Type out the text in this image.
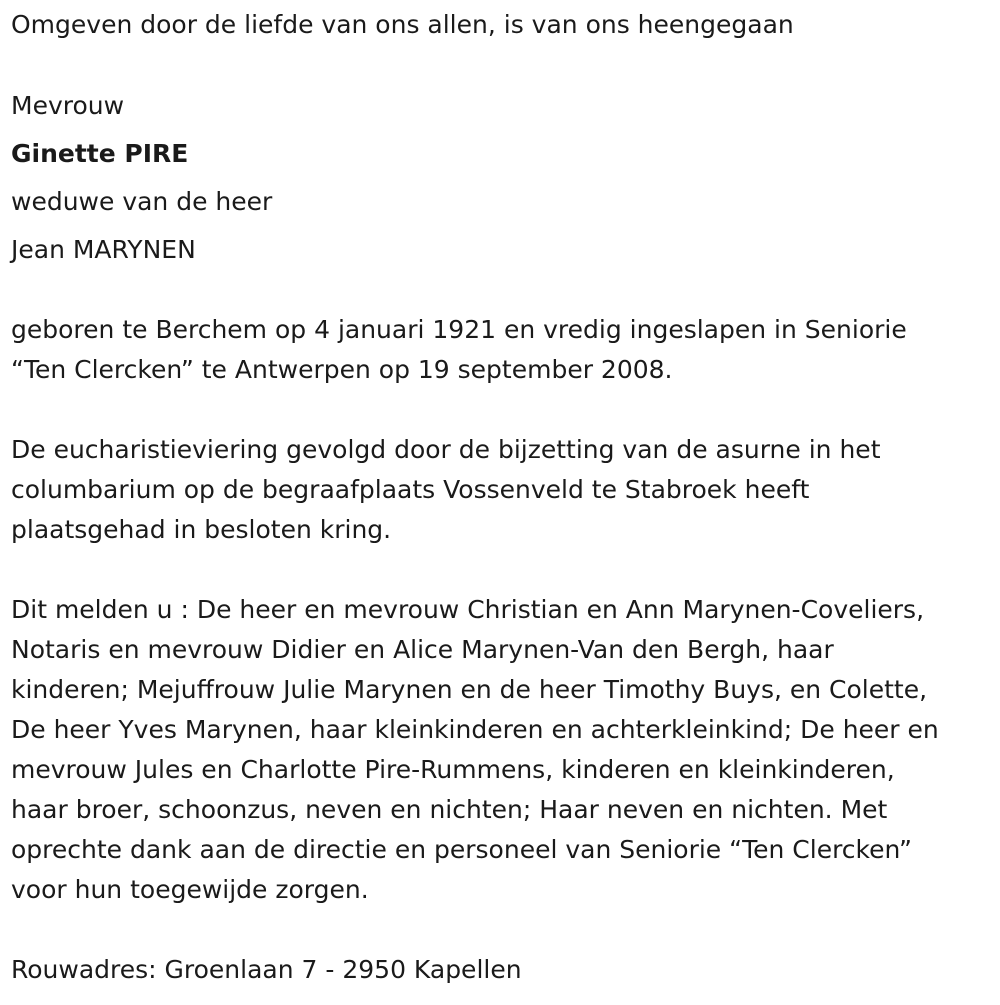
Omgeven door de liefde van ons allen, is van ons heengegaan
Mevrouw
Ginette PIRE
weduwe van de heer
Jean MARYNEN

geboren te Berchem op 4 januari 1921 en vredig ingeslapen in Seniorie

“Ten Clercken” te Antwerpen op 19 september 2008.

De eucharistieviering gevolgd door de bijzetting van de asurne in het

columbarium op de begraafplaats Vossenveld te Stabroek heeft

plaatsgehad in besloten kring.

Dit melden u : De heer en mevrouw Christian en Ann Marynen-Coveliers,

Notaris en mevrouw Didier en Alice Marynen-Van den Bergh, haar

kinderen; Mejuffrouw Julie Marynen en de heer Timothy Buys, en Colette,

De heer Yves Marynen, haar kleinkinderen en achterkleinkind; De heer en

mevrouw Jules en Charlotte Pire-Rummens, kinderen en kleinkinderen,

haar broer, schoonzus, neven en nichten; Haar neven en nichten. Met

oprechte dank aan de directie en personeel van Seniorie “Ten Clercken”

voor hun toegewijde zorgen.

Rouwadres: Groenlaan 7 - 2950 Kapellen
